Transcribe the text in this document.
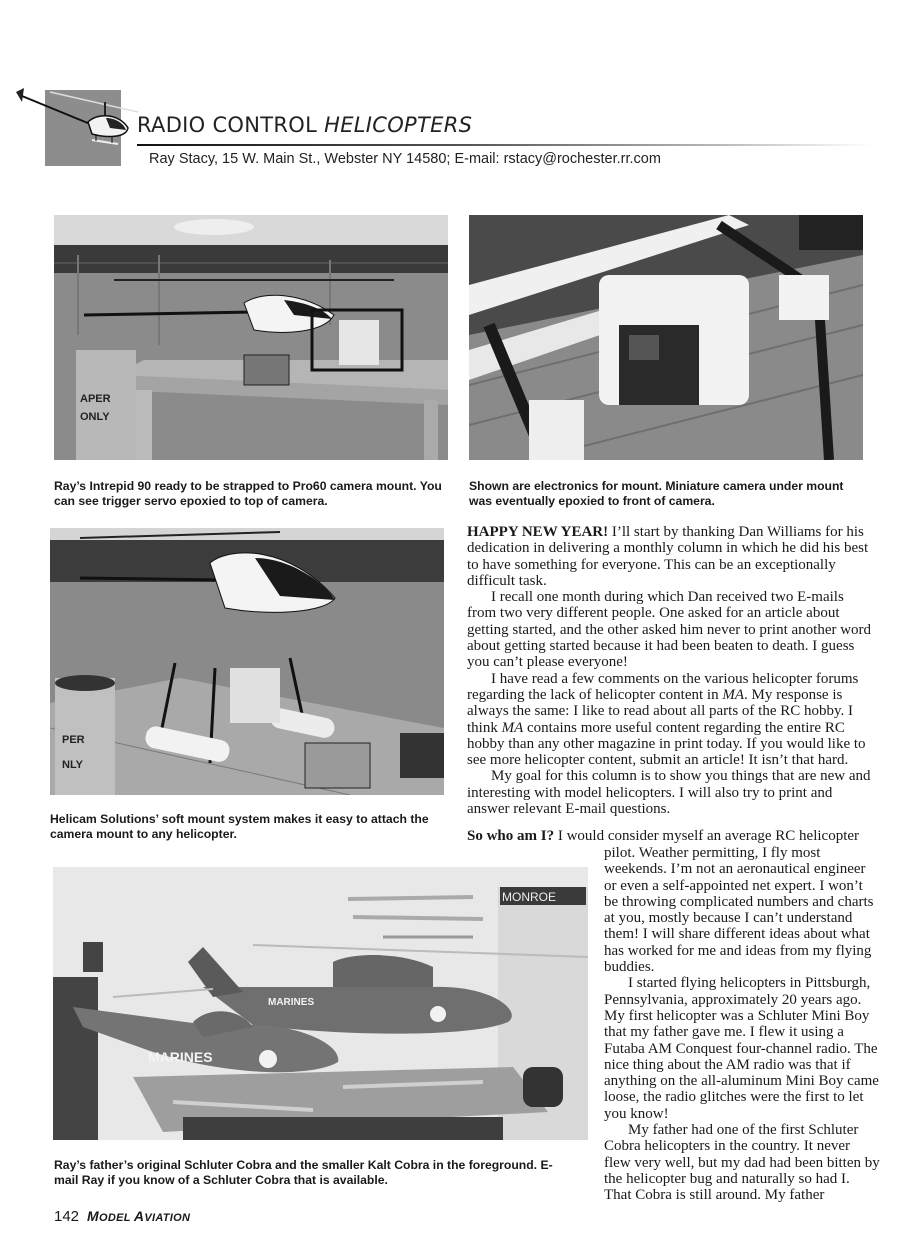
RADIO CONTROL HELICOPTERS
Ray Stacy, 15 W. Main St., Webster NY 14580; E-mail: rstacy@rochester.rr.com
APER
ONLY
Ray’s Intrepid 90 ready to be strapped to Pro60 camera mount. You can see trigger servo epoxied to top of camera.
Shown are electronics for mount. Miniature camera under mount was eventually epoxied to front of camera.
PER
NLY
Helicam Solutions’ soft mount system makes it easy to attach the camera mount to any helicopter.
MONROE
MARINES
MARINES
Ray’s father’s original Schluter Cobra and the smaller Kalt Cobra in the foreground. E-mail Ray if you know of a Schluter Cobra that is available.

HAPPY NEW YEAR! I’ll start by thanking Dan Williams for his dedication in delivering a monthly column in which he did his best to have something for everyone. This can be an exceptionally difficult task.

I recall one month during which Dan received two E-mails from two very different people. One asked for an article about getting started, and the other asked him never to print another word about getting started because it had been beaten to death. I guess you can’t please everyone!

I have read a few comments on the various helicopter forums regarding the lack of helicopter content in MA. My response is always the same: I like to read about all parts of the RC hobby. I think MA contains more useful content regarding the entire RC hobby than any other magazine in print today. If you would like to see more helicopter content, submit an article! It isn’t that hard.

My goal for this column is to show you things that are new and interesting with model helicopters. I will also try to print and answer relevant E-mail questions.

So who am I? I would consider myself an average RC helicopter

pilot. Weather permitting, I fly most weekends. I’m not an aeronautical engineer or even a self-appointed net expert. I won’t be throwing complicated numbers and charts at you, mostly because I can’t understand them! I will share different ideas about what has worked for me and ideas from my flying buddies.

I started flying helicopters in Pittsburgh, Pennsylvania, approximately 20 years ago. My first helicopter was a Schluter Mini Boy that my father gave me. I flew it using a Futaba AM Conquest four-channel radio. The nice thing about the AM radio was that if anything on the all-aluminum Mini Boy came loose, the radio glitches were the first to let you know!

My father had one of the first Schluter Cobra helicopters in the country. It never flew very well, but my dad had been bitten by the helicopter bug and naturally so had I. That Cobra is still around. My father

142 MODEL AVIATION
